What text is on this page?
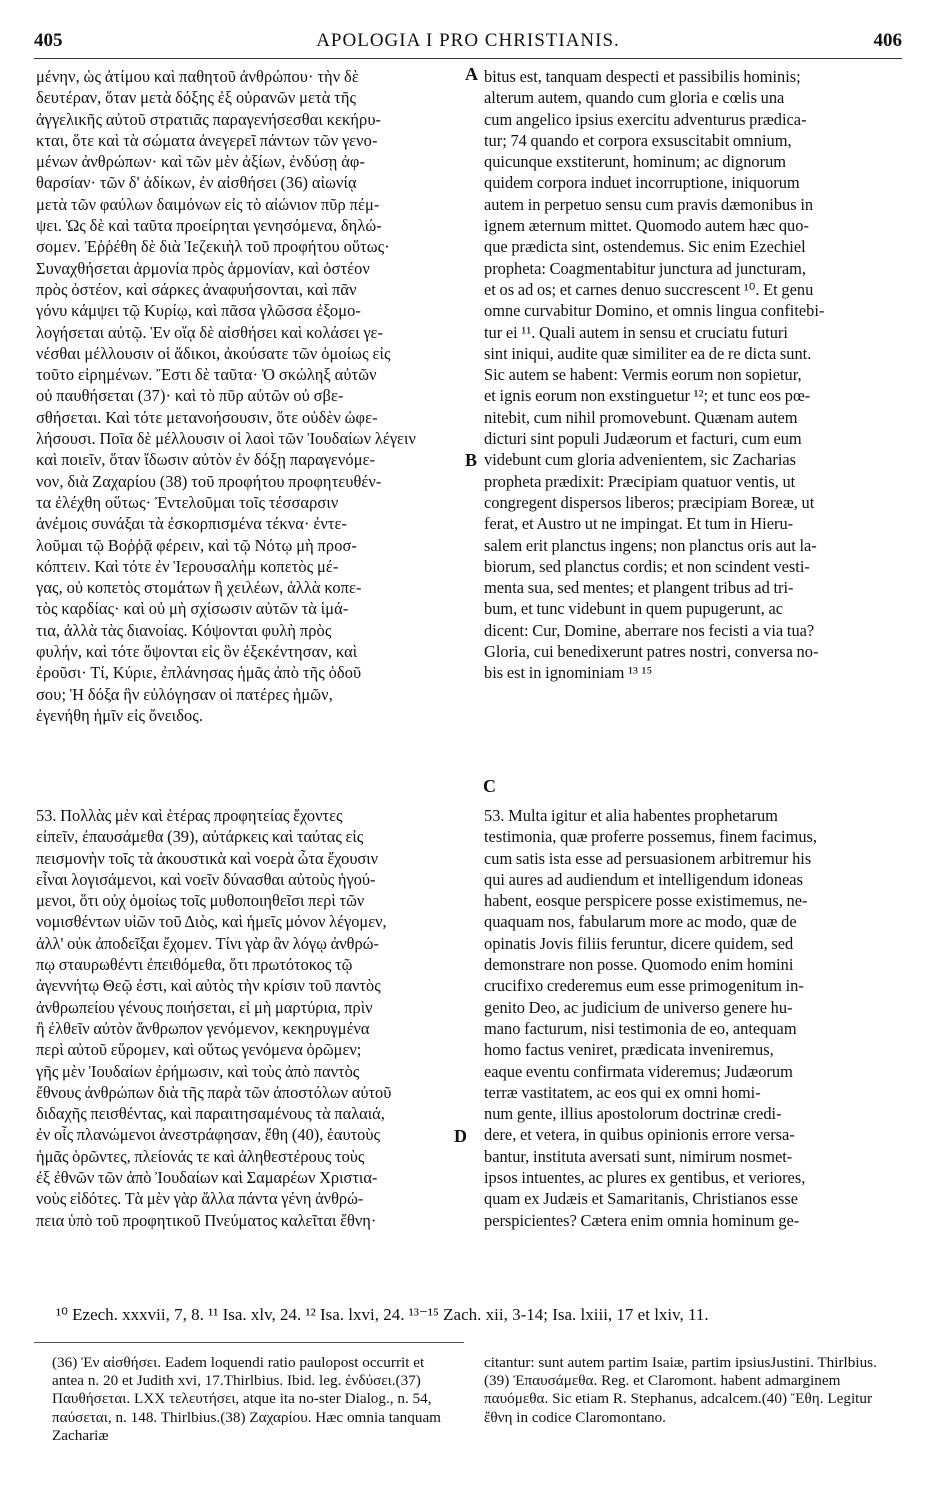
405	APOLOGIA I PRO CHRISTIANIS.	406
μένην, ὡς ἀτίμου καὶ παθητοῦ ἀνθρώπου· τὴν δὲ
δευτέραν, ὅταν μετὰ δόξης ἐξ οὐρανῶν μετὰ τῆς
ἀγγελικῆς αὐτοῦ στρατιᾶς παραγενήσεσθαι κεκήρυ-
κται, ὅτε καὶ τὰ σώματα ἀνεγερεῖ πάντων τῶν γενο-
μένων ἀνθρώπων· καὶ τῶν μὲν ἀξίων, ἐνδύσῃ ἀφ-
θαρσίαν· τῶν δ' ἀδίκων, ἐν αἰσθήσει (36) αἰωνίᾳ
μετὰ τῶν φαύλων δαιμόνων εἰς τὸ αἰώνιον πῦρ πέμ-
ψει. Ὡς δὲ καὶ ταῦτα προείρηται γενησόμενα, δηλώ-
σομεν. Ἐῤῥέθη δὲ διὰ Ἰεζεκιὴλ τοῦ προφήτου οὕτως·
Συναχθήσεται ἁρμονία πρὸς ἁρμονίαν, καὶ ὀστέον
πρὸς ὀστέον, καὶ σάρκες ἀναφυήσονται, καὶ πᾶν
γόνυ κάμψει τῷ Κυρίῳ, καὶ πᾶσα γλῶσσα ἐξομο-
λογήσεται αὐτῷ. Ἐν οἵᾳ δὲ αἰσθήσει καὶ κολάσει γε-
νέσθαι μέλλουσιν οἱ ἄδικοι, ἀκούσατε τῶν ὁμοίως εἰς
τοῦτο εἰρημένων. Ἔστι δὲ ταῦτα· Ὁ σκώληξ αὐτῶν
οὐ παυθήσεται (37)· καὶ τὸ πῦρ αὐτῶν οὐ σβε-
σθήσεται. Καὶ τότε μετανοήσουσιν, ὅτε οὐδὲν ὠφε-
λήσουσι. Ποῖα δὲ μέλλουσιν οἱ λαοὶ τῶν Ἰουδαίων λέγειν
καὶ ποιεῖν, ὅταν ἴδωσιν αὐτὸν ἐν δόξῃ παραγενόμε-
νον, διὰ Ζαχαρίου (38) τοῦ προφήτου προφητευθέν-
τα ἐλέχθη οὕτως· Ἐντελοῦμαι τοῖς τέσσαρσιν
ἀνέμοις συνάξαι τὰ ἐσκορπισμένα τέκνα· ἐντε-
λοῦμαι τῷ Βοῤῥᾷ φέρειν, καὶ τῷ Νότῳ μὴ προσ-
κόπτειν. Καὶ τότε ἐν Ἱερουσαλὴμ κοπετὸς μέ-
γας, οὐ κοπετὸς στομάτων ἢ χειλέων, ἀλλὰ κοπε-
τὸς καρδίας· καὶ οὐ μὴ σχίσωσιν αὐτῶν τὰ ἱμά-
τια, ἀλλὰ τὰς διανοίας. Κόψονται φυλὴ πρὸς
φυλήν, καὶ τότε ὄψονται εἰς ὃν ἐξεκέντησαν, καὶ
ἐροῦσι· Τί, Κύριε, ἐπλάνησας ἡμᾶς ἀπὸ τῆς ὁδοῦ
σου; Ἡ δόξα ἣν εὐλόγησαν οἱ πατέρες ἡμῶν,
ἐγενήθη ἡμῖν εἰς ὄνειδος.
53. Πολλὰς μὲν καὶ ἑτέρας προφητείας ἔχοντες
εἰπεῖν, ἐπαυσάμεθα (39), αὐτάρκεις καὶ ταύτας εἰς
πεισμονὴν τοῖς τὰ ἀκουστικὰ καὶ νοερὰ ὦτα ἔχουσιν
εἶναι λογισάμενοι, καὶ νοεῖν δύνασθαι αὐτοὺς ἡγού-
μενοι, ὅτι οὐχ ὁμοίως τοῖς μυθοποιηθεῖσι περὶ τῶν
νομισθέντων υἱῶν τοῦ Διὸς, καὶ ἡμεῖς μόνον λέγομεν,
ἀλλ' οὐκ ἀποδεῖξαι ἔχομεν. Τίνι γὰρ ἂν λόγῳ ἀνθρώ-
πῳ σταυρωθέντι ἐπειθόμεθα, ὅτι πρωτότοκος τῷ
ἀγεννήτῳ Θεῷ ἐστι, καὶ αὐτὸς τὴν κρίσιν τοῦ παντὸς
ἀνθρωπείου γένους ποιήσεται, εἰ μὴ μαρτύρια, πρὶν
ἢ ἐλθεῖν αὐτὸν ἄνθρωπον γενόμενον, κεκηρυγμένα
περὶ αὐτοῦ εὕρομεν, καὶ οὕτως γενόμενα ὁρῶμεν;
γῆς μὲν Ἰουδαίων ἐρήμωσιν, καὶ τοὺς ἀπὸ παντὸς
ἔθνους ἀνθρώπων διὰ τῆς παρὰ τῶν ἀποστόλων αὐτοῦ
διδαχῆς πεισθέντας, καὶ παραιτησαμένους τὰ παλαιά,
ἐν οἷς πλανώμενοι ἀνεστράφησαν, ἔθη (40), ἑαυτοὺς
ἡμᾶς ὁρῶντες, πλείονάς τε καὶ ἀληθεστέρους τοὺς
ἐξ ἐθνῶν τῶν ἀπὸ Ἰουδαίων καὶ Σαμαρέων Χριστια-
νοὺς εἰδότες. Τὰ μὲν γὰρ ἄλλα πάντα γένη ἀνθρώ-
πεια ὑπὸ τοῦ προφητικοῦ Πνεύματος καλεῖται ἔθνη·
bitus est, tanquam despecti et passibilis hominis;
alterum autem, quando cum gloria e cœlis una
cum angelico ipsius exercitu adventurus prædica-
tur; 74 quando et corpora exsuscitabit omnium,
quicunque exstiterunt, hominum; ac dignorum
quidem corpora induet incorruptione, iniquorum
autem in perpetuo sensu cum pravis dæmonibus in
ignem æternum mittet. Quomodo autem hæc quo-
que prædicta sint, ostendemus. Sic enim Ezechiel
propheta: Coagmentabitur junctura ad juncturam,
et os ad os; et carnes denuo succrescent ¹⁰. Et genu
omne curvabitur Domino, et omnis lingua confitebi-
tur ei ¹¹. Quali autem in sensu et cruciatu futuri
sint iniqui, audite quæ similiter ea de re dicta sunt.
Sic autem se habent: Vermis eorum non sopietur,
et ignis eorum non exstinguetur ¹²; et tunc eos pœ-
nitebit, cum nihil promovebunt. Quænam autem
dicturi sint populi Judæorum et facturi, cum eum
videbunt cum gloria advenientem, sic Zacharias
propheta prædixit: Præcipiam quatuor ventis, ut
congregent dispersos liberos; præcipiam Boreæ, ut
ferat, et Austro ut ne impingat. Et tum in Hieru-
salem erit planctus ingens; non planctus oris aut la-
biorum, sed planctus cordis; et non scindent vesti-
menta sua, sed mentes; et plangent tribus ad tri-
bum, et tunc videbunt in quem pupugerunt, ac
dicent: Cur, Domine, aberrare nos fecisti a via tua?
Gloria, cui benedixerunt patres nostri, conversa no-
bis est in ignominiam ¹³ ¹⁵
53. Multa igitur et alia habentes prophetarum
testimonia, quæ proferre possemus, finem facimus,
cum satis ista esse ad persuasionem arbitremur his
qui aures ad audiendum et intelligendum idoneas
habent, eosque perspicere posse existimemus, ne-
quaquam nos, fabularum more ac modo, quæ de
opinatis Jovis filiis feruntur, dicere quidem, sed
demonstrare non posse. Quomodo enim homini
crucifixo crederemus eum esse primogenitum in-
genito Deo, ac judicium de universo genere hu-
mano facturum, nisi testimonia de eo, antequam
homo factus veniret, prædicata inveniremus,
eaque eventu confirmata videremus; Judæorum
terræ vastitatem, ac eos qui ex omni homi-
num gente, illius apostolorum doctrinæ credi-
dere, et vetera, in quibus opinionis errore versa-
bantur, instituta aversati sunt, nimirum nosmet-
ipsos intuentes, ac plures ex gentibus, et veriores,
quam ex Judæis et Samaritanis, Christianos esse
perspicientes? Cætera enim omnia hominum ge-
A
B
C
D
¹⁰ Ezech. xxxvii, 7, 8. ¹¹ Isa. xlv, 24. ¹² Isa. lxvi, 24. ¹³⁻¹⁵ Zach. xii, 3-14; Isa. lxiii, 17 et lxiv, 11.
(36) Ἐν αἰσθήσει. Eadem loquendi ratio paulopost occurrit et antea n. 20 et Judith xvi, 17.Thirlbius. Ibid. leg. ἐνδύσει.(37) Παυθήσεται. LXX τελευτήσει, atque ita no-ster Dialog., n. 54, παύσεται, n. 148. Thirlbius.(38) Ζαχαρίου. Hæc omnia tanquam Zachariæ
citantur: sunt autem partim Isaiæ, partim ipsiusJustini. Thirlbius.(39) Ἐπαυσάμεθα. Reg. et Claromont. habent admarginem παυόμεθα. Sic etiam R. Stephanus, adcalcem.(40) Ἔθη. Legitur ἔθνη in codice Claromontano.
